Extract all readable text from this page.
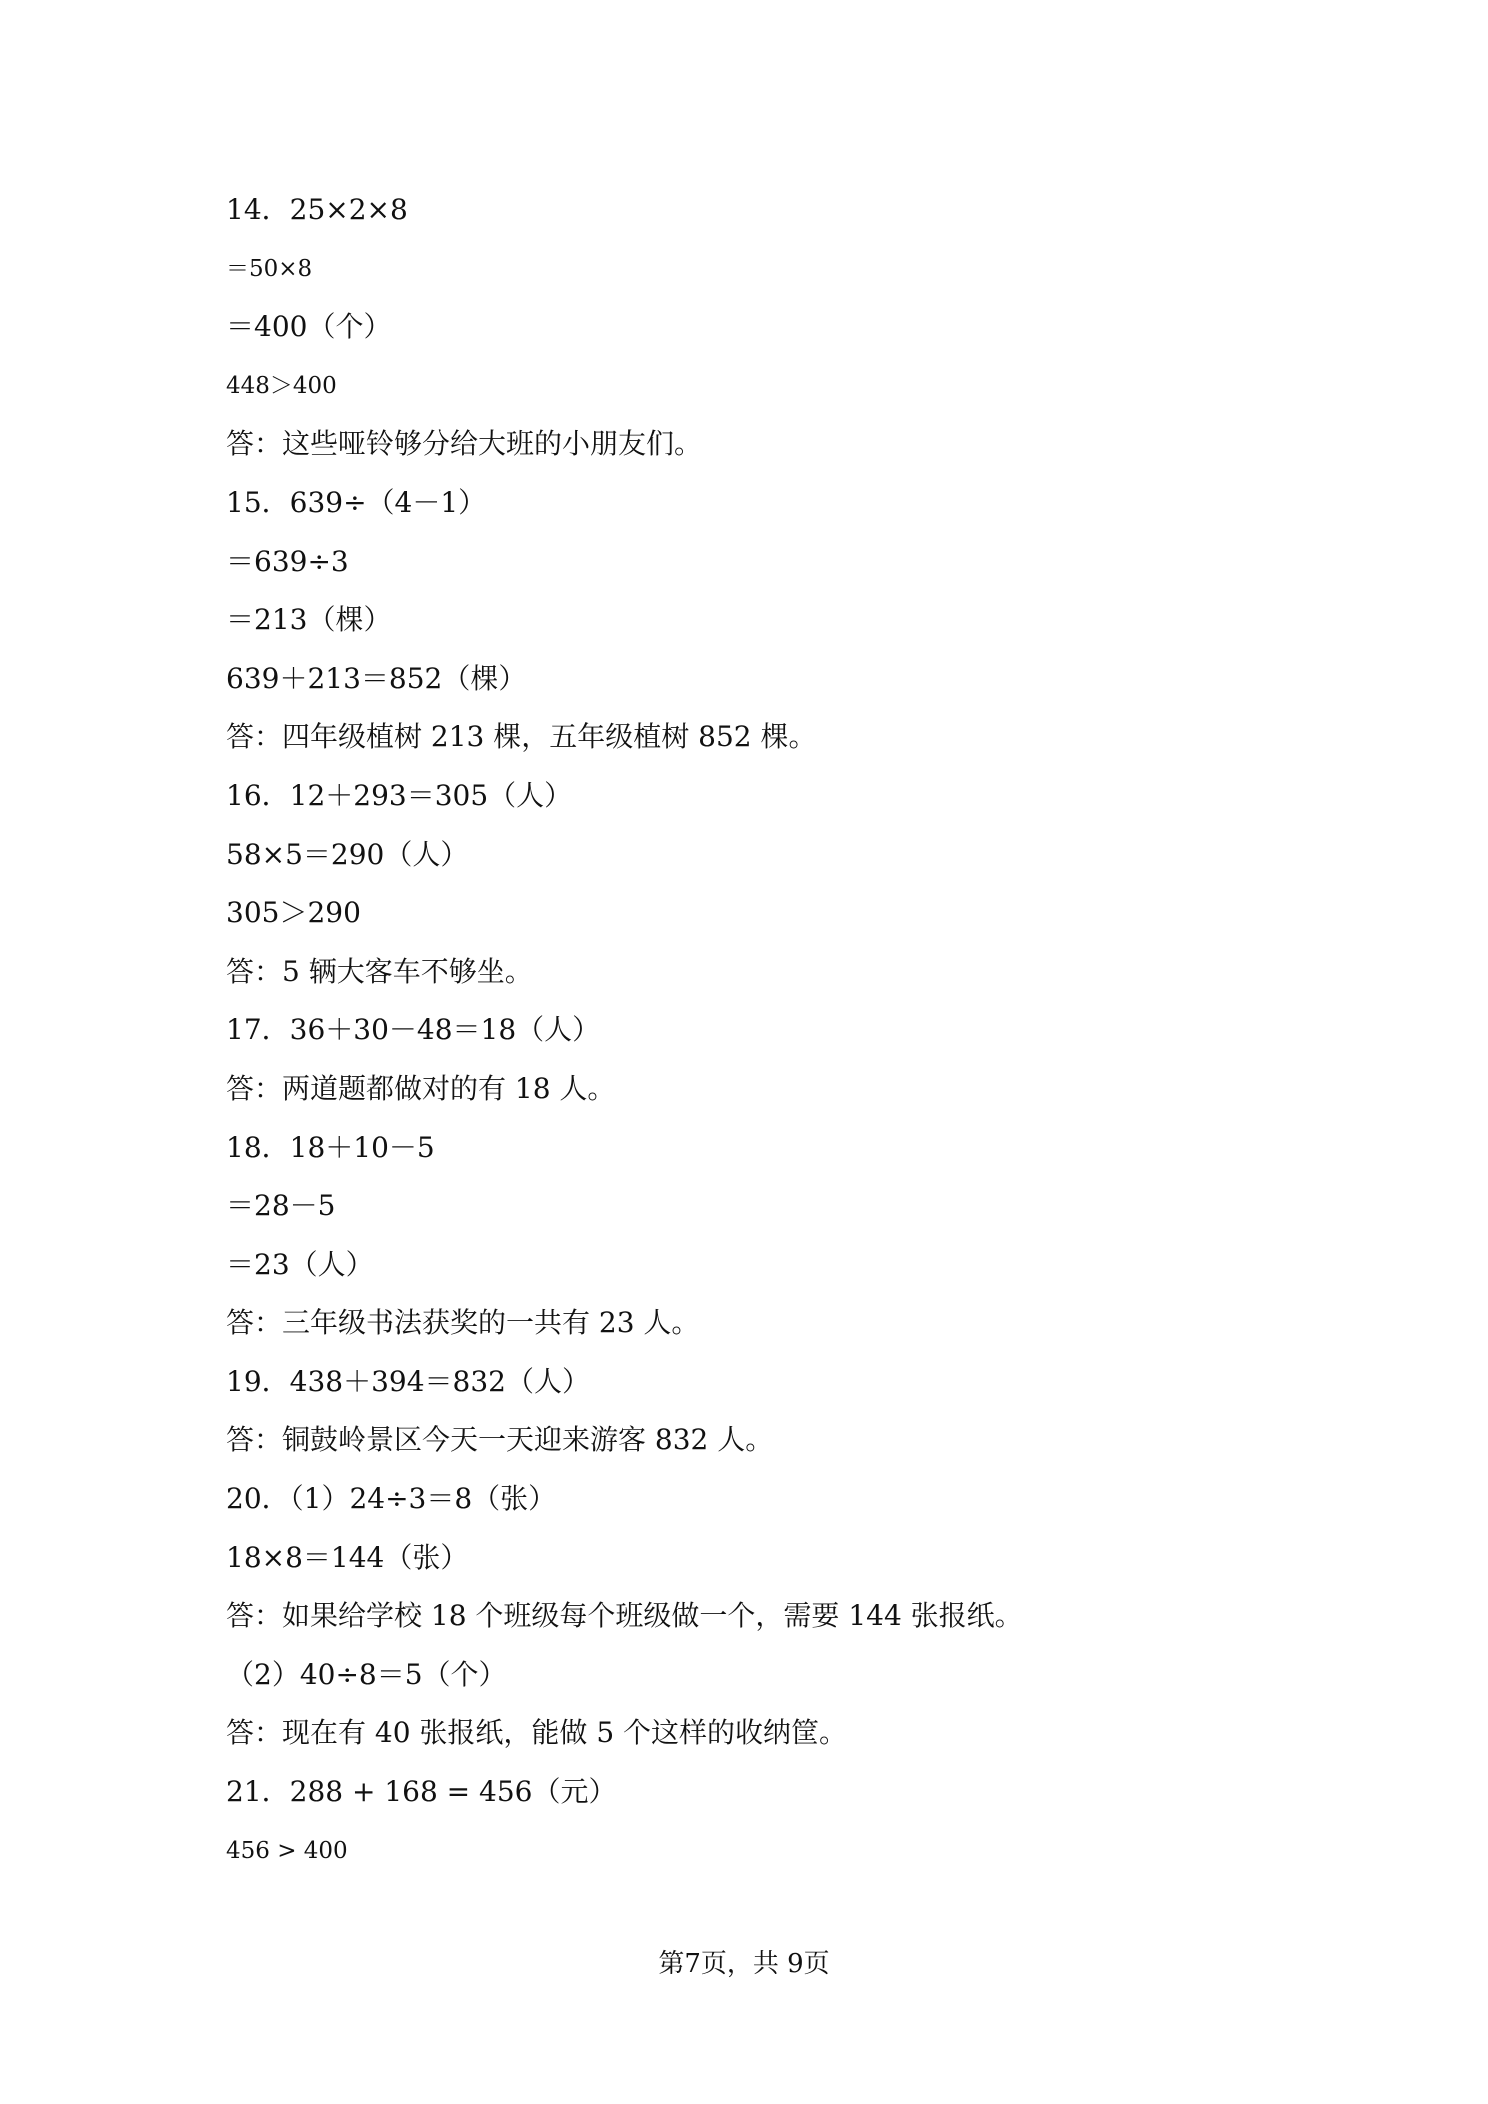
14．25×2×8
＝50×8
＝400（个）
448＞400
答：这些哑铃够分给大班的小朋友们。
15．639÷（4－1）
＝639÷3
＝213（棵）
639＋213＝852（棵）
答：四年级植树 213 棵，五年级植树 852 棵。
16．12＋293＝305（人）
58×5＝290（人）
305＞290
答：5 辆大客车不够坐。
17．36＋30－48＝18（人）
答：两道题都做对的有 18 人。
18．18＋10－5
＝28－5
＝23（人）
答：三年级书法获奖的一共有 23 人。
19．438＋394＝832（人）
答：铜鼓岭景区今天一天迎来游客 832 人。
20．（1）24÷3＝8（张）
18×8＝144（张）
答：如果给学校 18 个班级每个班级做一个，需要 144 张报纸。
（2）40÷8＝5（个）
答：现在有 40 张报纸，能做 5 个这样的收纳筐。
21．288 + 168 = 456（元）
456 > 400
第7页，共 9页
